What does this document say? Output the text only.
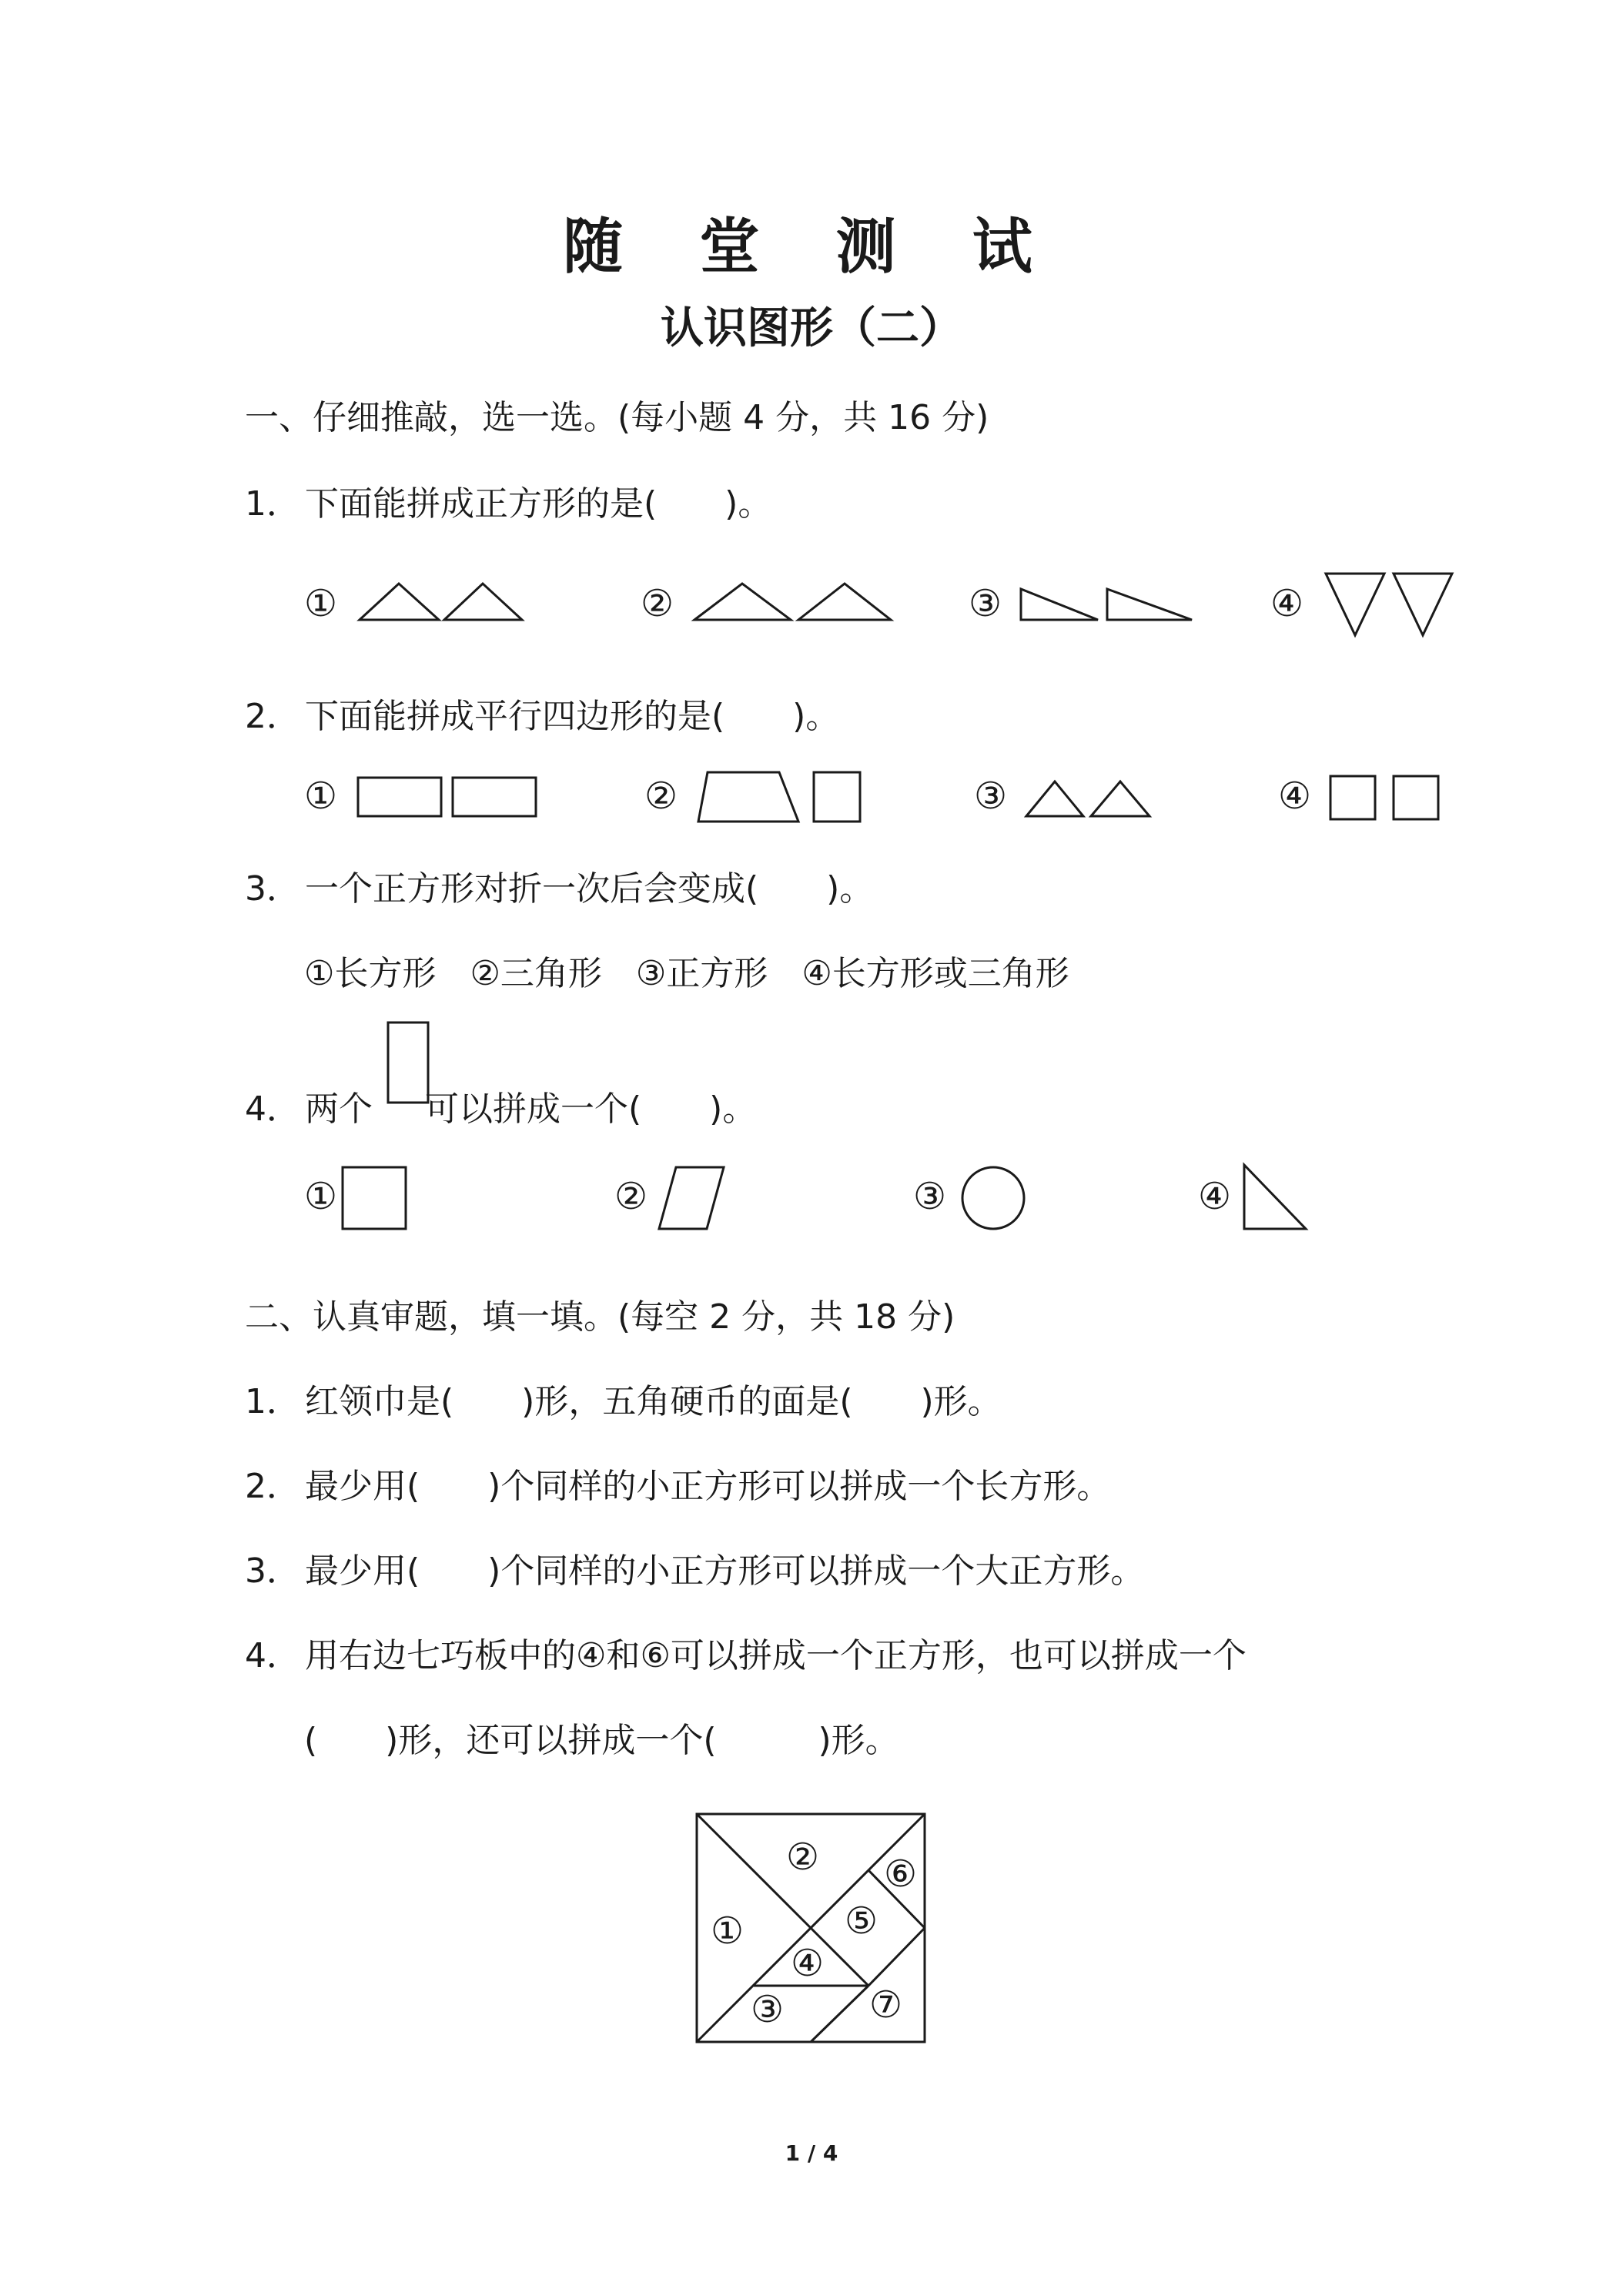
随 堂 测 试
认识图形（二）
一、仔细推敲，选一选。(每小题 4 分，共 16 分)
1． 下面能拼成正方形的是(　　)。
①	②	③	④
2． 下面能拼成平行四边形的是(　　)。
①	②	③	④
3． 一个正方形对折一次后会变成(　　)。
①长方形　②三角形　③正方形　④长方形或三角形
4． 两个 可以拼成一个(　　)。
①	②	③	④
二、认真审题，填一填。(每空 2 分，共 18 分)
1． 红领巾是(　　)形，五角硬币的面是(　　)形。
2． 最少用(　　)个同样的小正方形可以拼成一个长方形。
3． 最少用(　　)个同样的小正方形可以拼成一个大正方形。
4． 用右边七巧板中的④和⑥可以拼成一个正方形，也可以拼成一个
(　　)形，还可以拼成一个(　　　)形。
②
①
⑥
⑤
④
③ ⑦
1 / 4
